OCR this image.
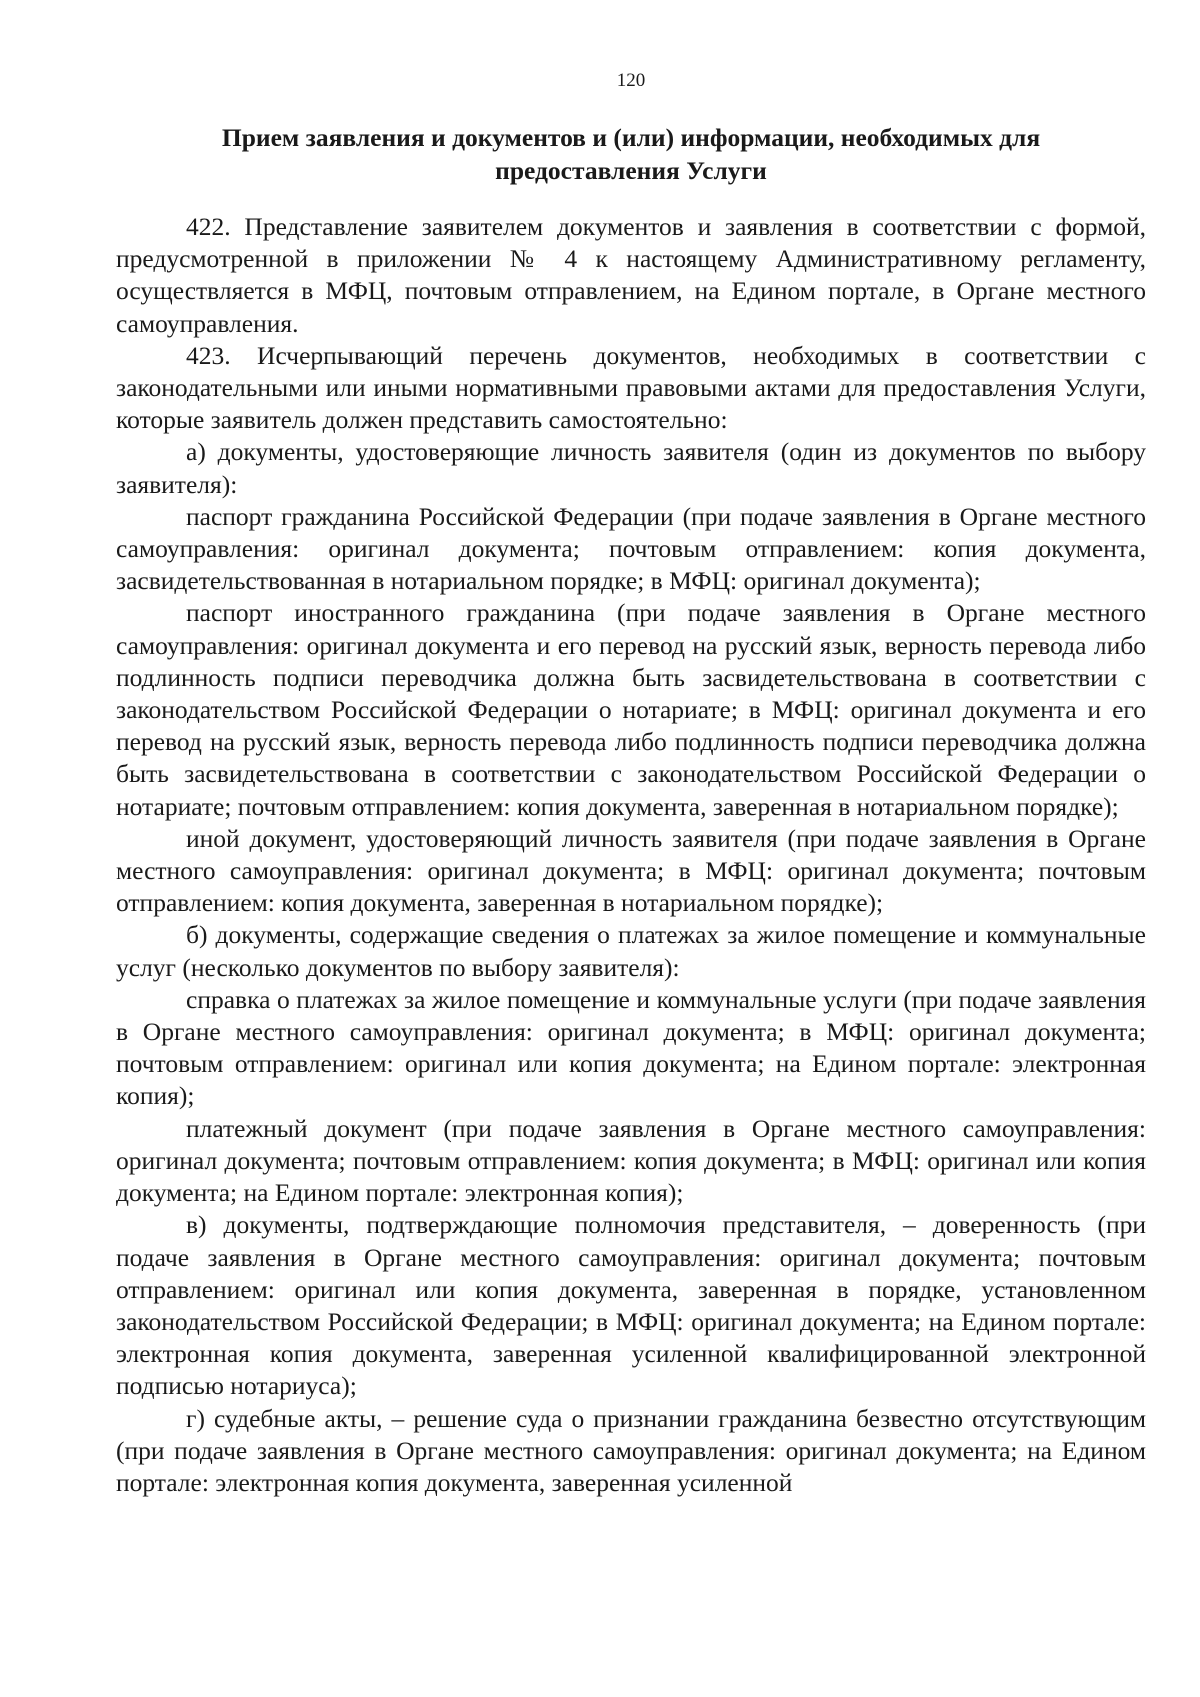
120
Прием заявления и документов и (или) информации, необходимых для
предоставления Услуги

422. Представление заявителем документов и заявления в соответствии с формой, предусмотренной в приложении № 4 к настоящему Административному регламенту, осуществляется в МФЦ, почтовым отправлением, на Едином портале, в Органе местного самоуправления.

423. Исчерпывающий перечень документов, необходимых в соответствии с законодательными или иными нормативными правовыми актами для предоставления Услуги, которые заявитель должен представить самостоятельно:

а) документы, удостоверяющие личность заявителя (один из документов по выбору заявителя):

паспорт гражданина Российской Федерации (при подаче заявления в Органе местного самоуправления: оригинал документа; почтовым отправлением: копия документа, засвидетельствованная в нотариальном порядке; в МФЦ: оригинал документа);

паспорт иностранного гражданина (при подаче заявления в Органе местного самоуправления: оригинал документа и его перевод на русский язык, верность перевода либо подлинность подписи переводчика должна быть засвидетельствована в соответствии с законодательством Российской Федерации о нотариате; в МФЦ: оригинал документа и его перевод на русский язык, верность перевода либо подлинность подписи переводчика должна быть засвидетельствована в соответствии с законодательством Российской Федерации о нотариате; почтовым отправлением: копия документа, заверенная в нотариальном порядке);

иной документ, удостоверяющий личность заявителя (при подаче заявления в Органе местного самоуправления: оригинал документа; в МФЦ: оригинал документа; почтовым отправлением: копия документа, заверенная в нотариальном порядке);

б) документы, содержащие сведения о платежах за жилое помещение и коммунальные услуг (несколько документов по выбору заявителя):

справка о платежах за жилое помещение и коммунальные услуги (при подаче заявления в Органе местного самоуправления: оригинал документа; в МФЦ: оригинал документа; почтовым отправлением: оригинал или копия документа; на Едином портале: электронная копия);

платежный документ (при подаче заявления в Органе местного самоуправления: оригинал документа; почтовым отправлением: копия документа; в МФЦ: оригинал или копия документа; на Едином портале: электронная копия);

в) документы, подтверждающие полномочия представителя, – доверенность (при подаче заявления в Органе местного самоуправления: оригинал документа; почтовым отправлением: оригинал или копия документа, заверенная в порядке, установленном законодательством Российской Федерации; в МФЦ: оригинал документа; на Едином портале: электронная копия документа, заверенная усиленной квалифицированной электронной подписью нотариуса);

г) судебные акты, – решение суда о признании гражданина безвестно отсутствующим (при подаче заявления в Органе местного самоуправления: оригинал документа; на Едином портале: электронная копия документа, заверенная усиленной
